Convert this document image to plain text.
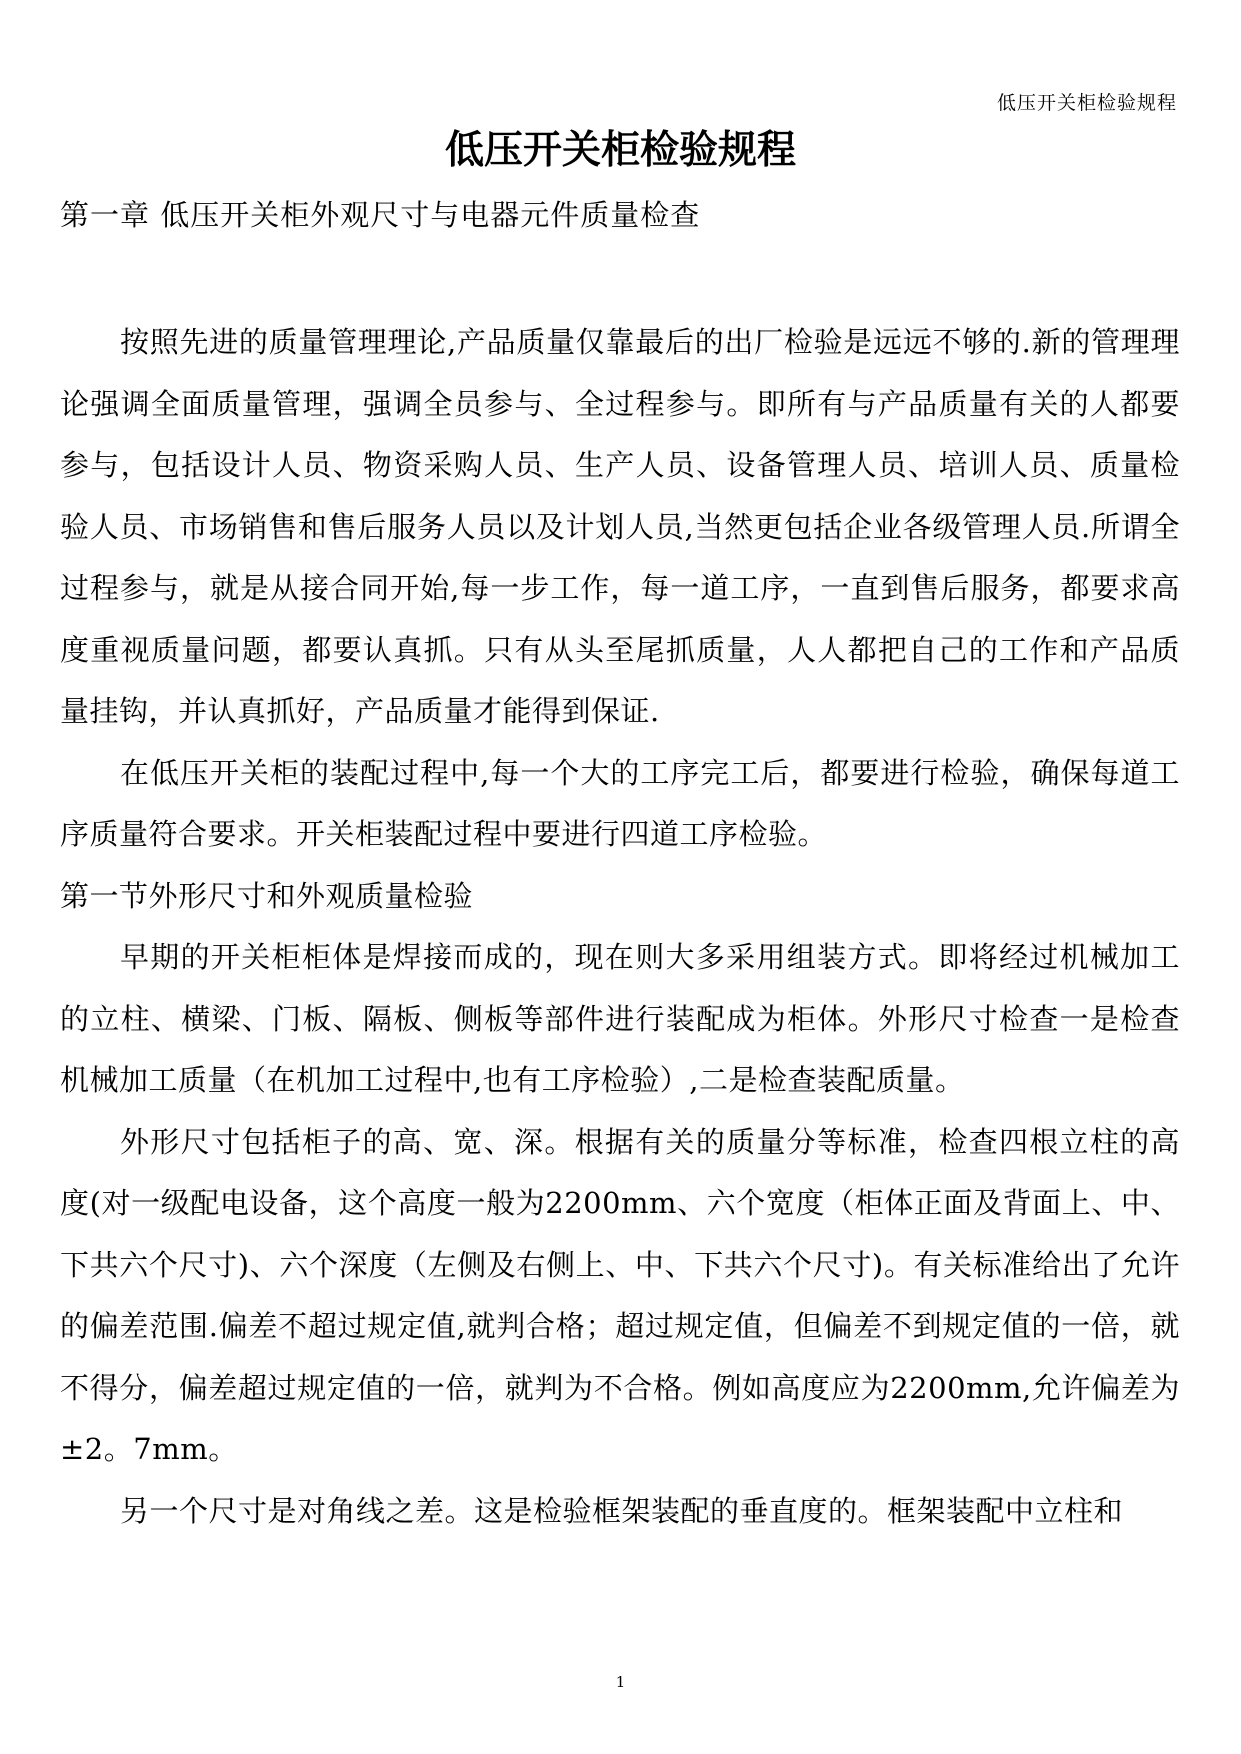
低压开关柜检验规程
低压开关柜检验规程
第一章 低压开关柜外观尺寸与电器元件质量检查

按照先进的质量管理理论,产品质量仅靠最后的出厂检验是远远不够的.新的管理理论强调全面质量管理，强调全员参与、全过程参与。即所有与产品质量有关的人都要参与，包括设计人员、物资采购人员、生产人员、设备管理人员、培训人员、质量检验人员、市场销售和售后服务人员以及计划人员,当然更包括企业各级管理人员.所谓全过程参与，就是从接合同开始,每一步工作，每一道工序，一直到售后服务，都要求高度重视质量问题，都要认真抓。只有从头至尾抓质量，人人都把自己的工作和产品质量挂钩，并认真抓好，产品质量才能得到保证.

在低压开关柜的装配过程中,每一个大的工序完工后，都要进行检验，确保每道工序质量符合要求。开关柜装配过程中要进行四道工序检验。

第一节外形尺寸和外观质量检验

早期的开关柜柜体是焊接而成的，现在则大多采用组装方式。即将经过机械加工的立柱、横梁、门板、隔板、侧板等部件进行装配成为柜体。外形尺寸检查一是检查机械加工质量（在机加工过程中,也有工序检验）,二是检查装配质量。

外形尺寸包括柜子的高、宽、深。根据有关的质量分等标准，检查四根立柱的高度(对一级配电设备，这个高度一般为2200mm、六个宽度（柜体正面及背面上、中、下共六个尺寸)、六个深度（左侧及右侧上、中、下共六个尺寸)。有关标准给出了允许的偏差范围.偏差不超过规定值,就判合格；超过规定值，但偏差不到规定值的一倍，就不得分，偏差超过规定值的一倍，就判为不合格。例如高度应为2200mm,允许偏差为±2。7mm。

另一个尺寸是对角线之差。这是检验框架装配的垂直度的。框架装配中立柱和

1
